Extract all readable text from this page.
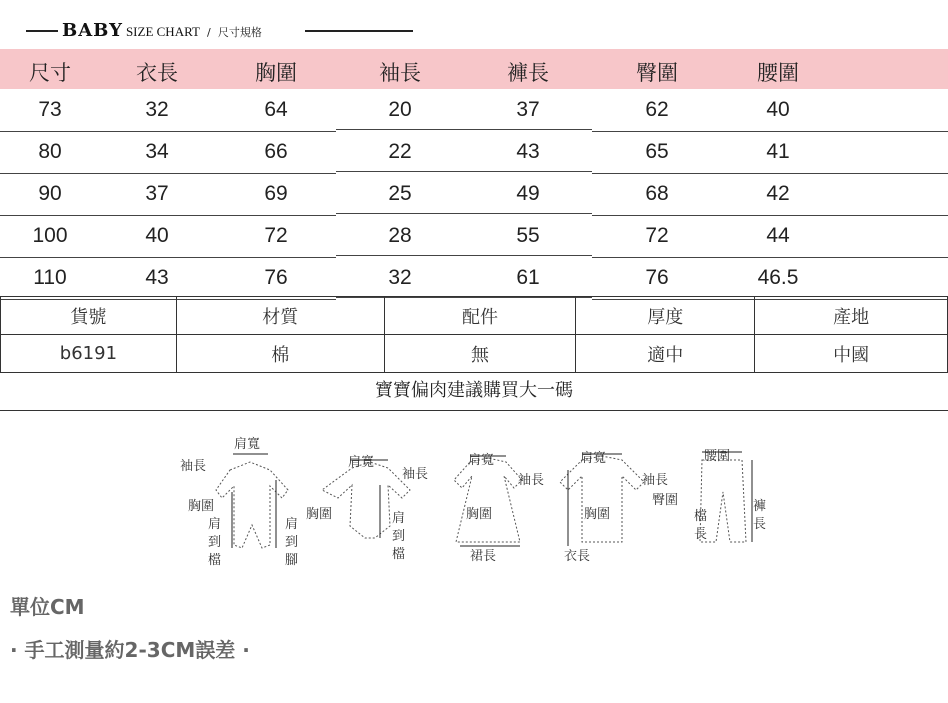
BABY SIZE CHART / 尺寸規格
尺寸	衣長	胸圍	袖長	褲長	臀圍	腰圍
73	32	64	20	37	62	40
80	34	66	22	43	65	41
90	37	69	25	49	68	42
100	40	72	28	55	72	44
110	43	76	32	61	76	46.5
貨號	材質	配件	厚度	產地
b6191	棉	無	適中	中國
寶寶偏肉建議購買大一碼
肩寬
袖長
胸圍
肩
到
檔
肩
到
腳
肩寬
袖長
胸圍	肩
到
檔
肩寬
袖長
胸圍
裙長
肩寬
袖長
胸圍
衣長
腰圍
臀圍
檔
長
褲
長
單位CM
· 手工測量約2-3CM誤差 ·
